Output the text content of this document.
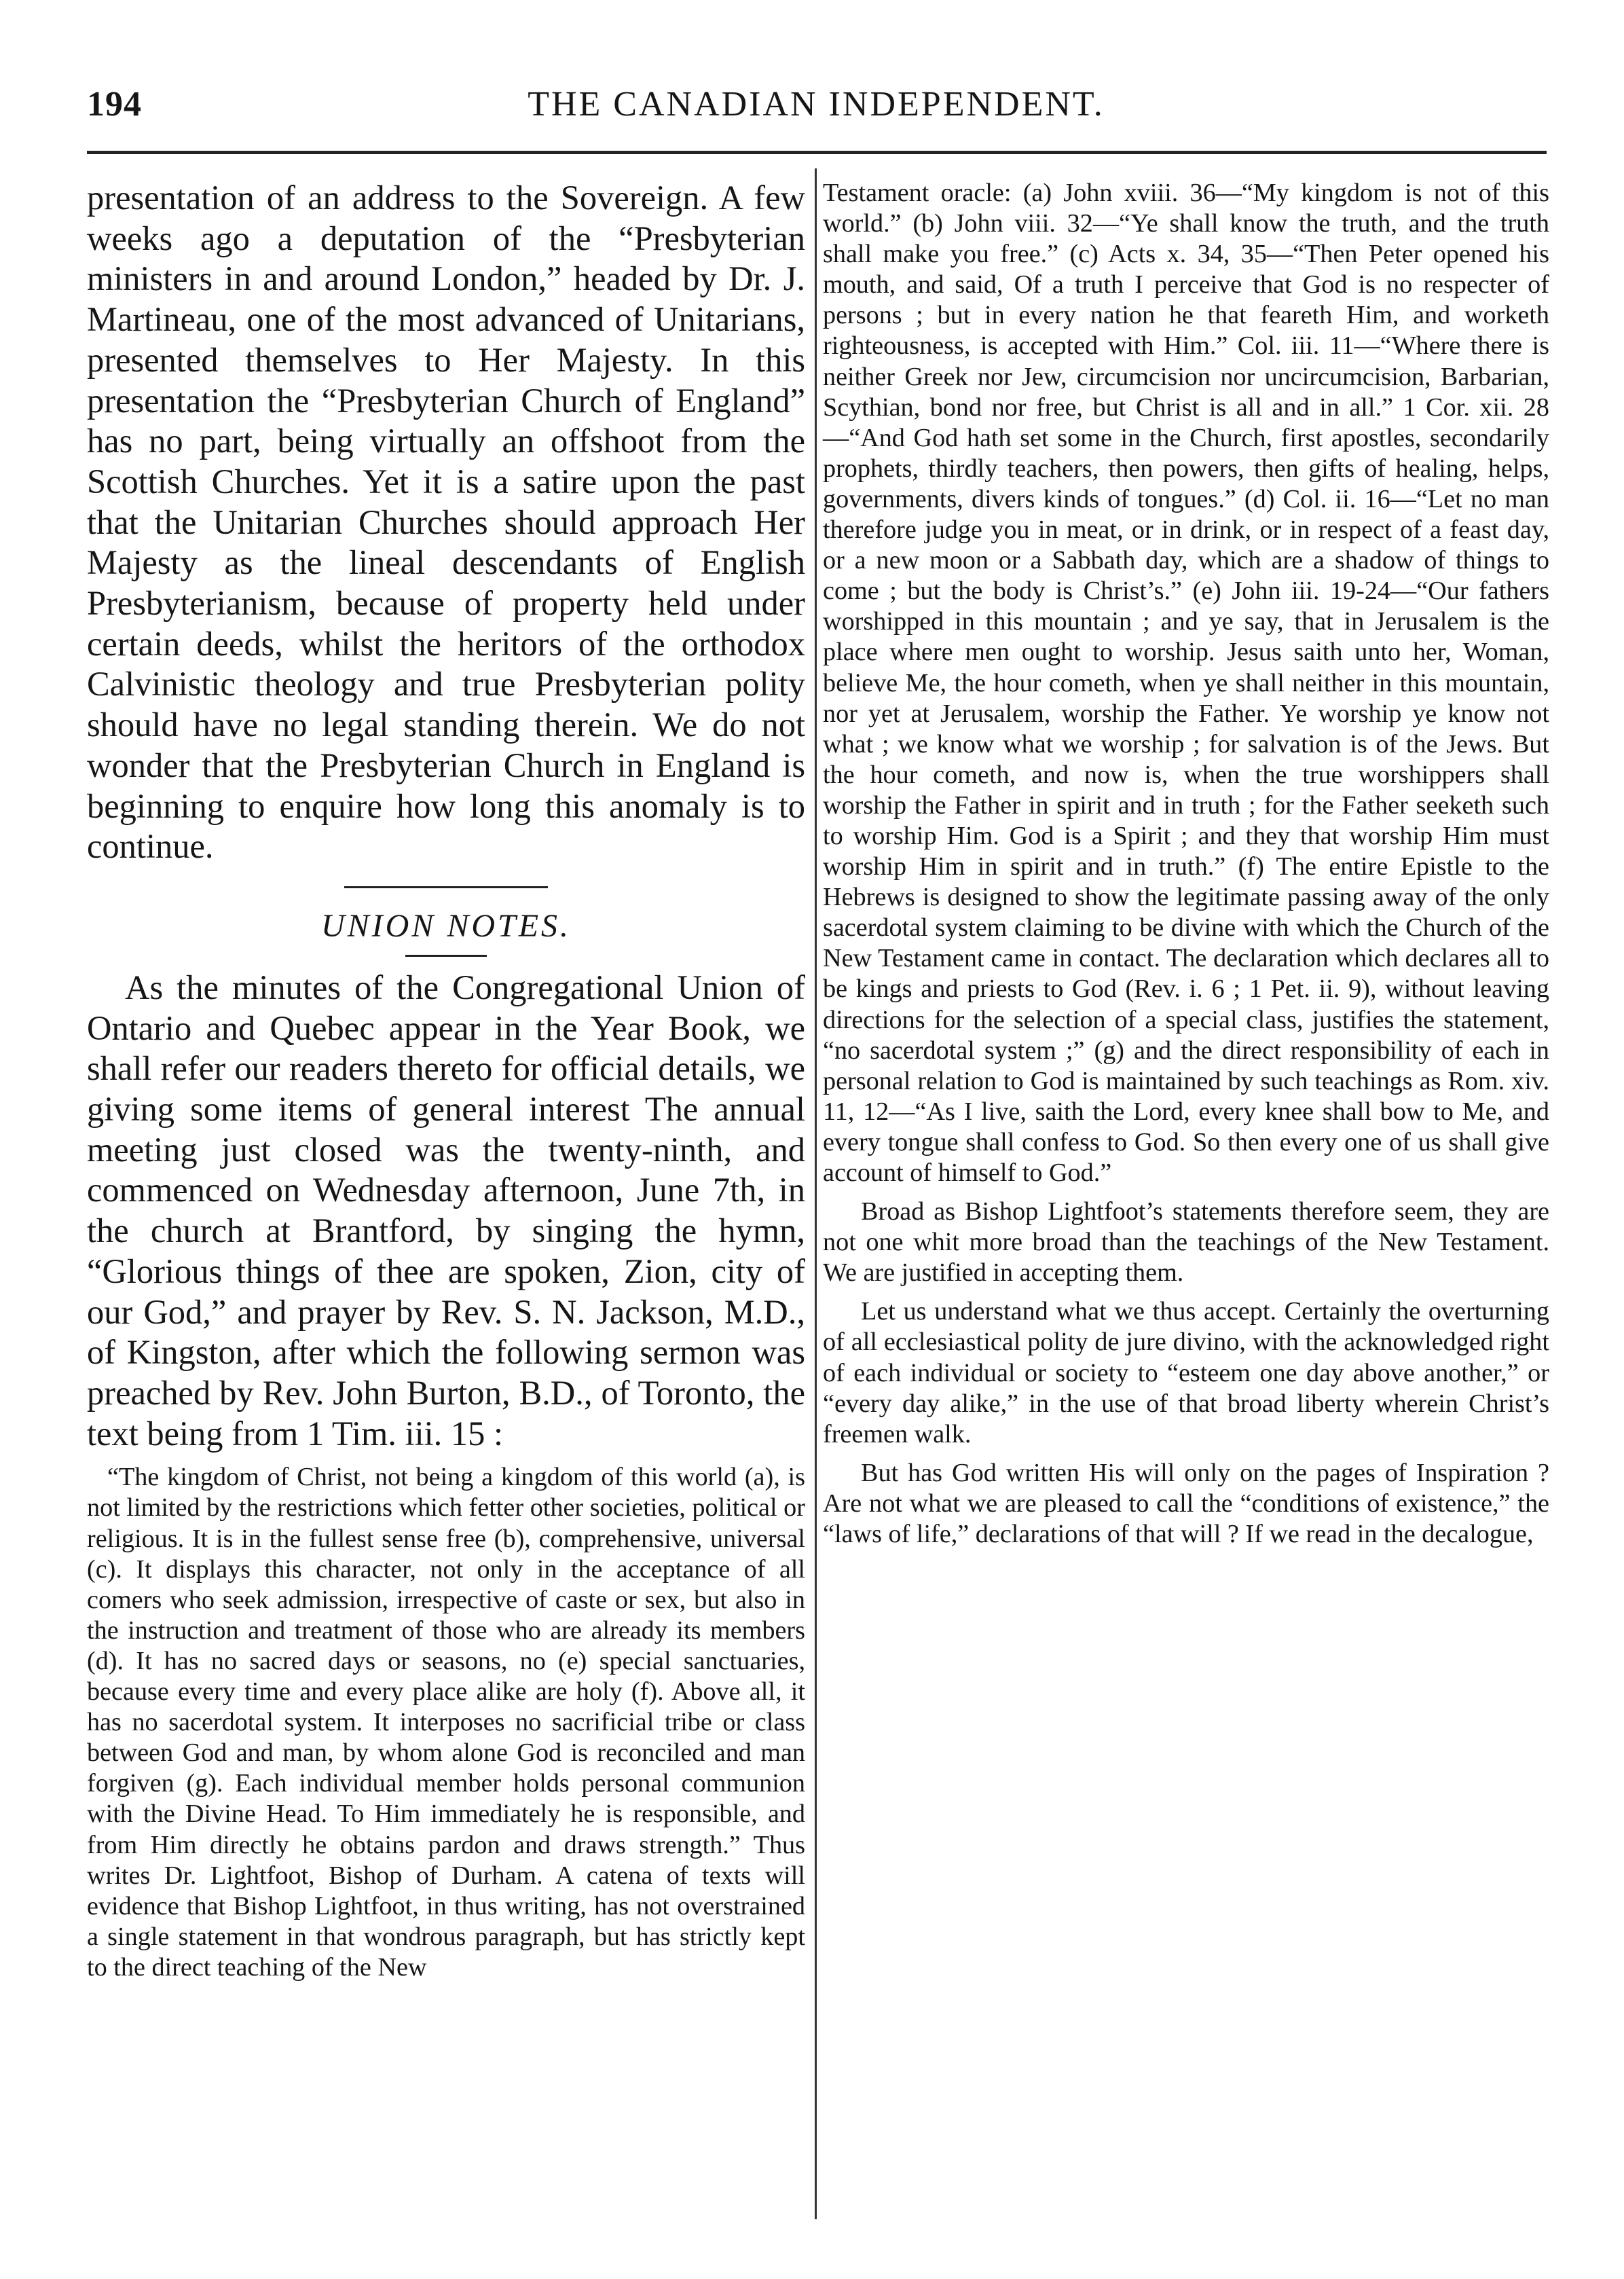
194	THE CANADIAN INDEPENDENT.

presentation of an address to the Sovereign. A few weeks ago a deputation of the “Presbyterian ministers in and around London,” headed by Dr. J. Martineau, one of the most advanced of Unitarians, presented themselves to Her Majesty. In this presentation the “Presbyterian Church of England” has no part, being virtually an offshoot from the Scottish Churches. Yet it is a satire upon the past that the Unitarian Churches should approach Her Majesty as the lineal descendants of English Presbyterianism, because of property held under certain deeds, whilst the heritors of the orthodox Calvinistic theology and true Presbyterian polity should have no legal standing therein. We do not wonder that the Presbyterian Church in England is beginning to enquire how long this anomaly is to continue.

UNION NOTES.

As the minutes of the Congregational Union of Ontario and Quebec appear in the Year Book, we shall refer our readers thereto for official details, we giving some items of general interest The annual meeting just closed was the twenty-ninth, and commenced on Wednesday afternoon, June 7th, in the church at Brantford, by singing the hymn, “Glorious things of thee are spoken, Zion, city of our God,” and prayer by Rev. S. N. Jackson, M.D., of Kingston, after which the following sermon was preached by Rev. John Burton, B.D., of Toronto, the text being from 1 Tim. iii. 15 :

“The kingdom of Christ, not being a kingdom of this world (a), is not limited by the restrictions which fetter other societies, political or religious. It is in the fullest sense free (b), comprehensive, universal (c). It displays this character, not only in the acceptance of all comers who seek admission, irrespective of caste or sex, but also in the instruction and treatment of those who are already its members (d). It has no sacred days or seasons, no (e) special sanctuaries, because every time and every place alike are holy (f). Above all, it has no sacerdotal system. It interposes no sacrificial tribe or class between God and man, by whom alone God is reconciled and man forgiven (g). Each individual member holds personal communion with the Divine Head. To Him immediately he is responsible, and from Him directly he obtains pardon and draws strength.” Thus writes Dr. Lightfoot, Bishop of Durham. A catena of texts will evidence that Bishop Lightfoot, in thus writing, has not overstrained a single statement in that wondrous paragraph, but has strictly kept to the direct teaching of the New

Testament oracle: (a) John xviii. 36—“My kingdom is not of this world.” (b) John viii. 32—“Ye shall know the truth, and the truth shall make you free.” (c) Acts x. 34, 35—“Then Peter opened his mouth, and said, Of a truth I perceive that God is no respecter of persons ; but in every nation he that feareth Him, and worketh righteousness, is accepted with Him.” Col. iii. 11—“Where there is neither Greek nor Jew, circumcision nor uncircumcision, Barbarian, Scythian, bond nor free, but Christ is all and in all.” 1 Cor. xii. 28—“And God hath set some in the Church, first apostles, secondarily prophets, thirdly teachers, then powers, then gifts of healing, helps, governments, divers kinds of tongues.” (d) Col. ii. 16—“Let no man therefore judge you in meat, or in drink, or in respect of a feast day, or a new moon or a Sabbath day, which are a shadow of things to come ; but the body is Christ’s.” (e) John iii. 19-24—“Our fathers worshipped in this mountain ; and ye say, that in Jerusalem is the place where men ought to worship. Jesus saith unto her, Woman, believe Me, the hour cometh, when ye shall neither in this mountain, nor yet at Jerusalem, worship the Father. Ye worship ye know not what ; we know what we worship ; for salvation is of the Jews. But the hour cometh, and now is, when the true worshippers shall worship the Father in spirit and in truth ; for the Father seeketh such to worship Him. God is a Spirit ; and they that worship Him must worship Him in spirit and in truth.” (f) The entire Epistle to the Hebrews is designed to show the legitimate passing away of the only sacerdotal system claiming to be divine with which the Church of the New Testament came in contact. The declaration which declares all to be kings and priests to God (Rev. i. 6 ; 1 Pet. ii. 9), without leaving directions for the selection of a special class, justifies the statement, “no sacerdotal system ;” (g) and the direct responsibility of each in personal relation to God is maintained by such teachings as Rom. xiv. 11, 12—“As I live, saith the Lord, every knee shall bow to Me, and every tongue shall confess to God. So then every one of us shall give account of himself to God.”

Broad as Bishop Lightfoot’s statements therefore seem, they are not one whit more broad than the teachings of the New Testament. We are justified in accepting them.

Let us understand what we thus accept. Certainly the overturning of all ecclesiastical polity de jure divino, with the acknowledged right of each individual or society to “esteem one day above another,” or “every day alike,” in the use of that broad liberty wherein Christ’s freemen walk.

But has God written His will only on the pages of Inspiration ? Are not what we are pleased to call the “conditions of existence,” the “laws of life,” declarations of that will ? If we read in the decalogue,
